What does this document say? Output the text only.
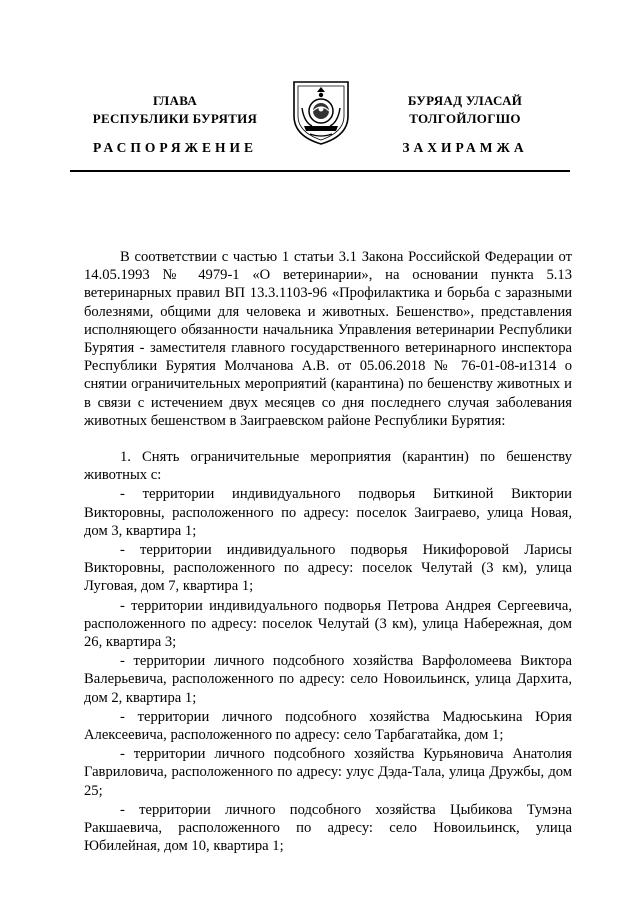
ГЛАВА
РЕСПУБЛИКИ БУРЯТИЯ
БУРЯАД УЛАСАЙ
ТОЛГОЙЛОГШО
РАСПОРЯЖЕНИЕ	ЗАХИРАМЖА

В соответствии с частью 1 статьи 3.1 Закона Российской Федерации от 14.05.1993 № 4979-1 «О ветеринарии», на основании пункта 5.13 ветеринарных правил ВП 13.3.1103-96 «Профилактика и борьба с заразными болезнями, общими для человека и животных. Бешенство», представления исполняющего обязанности начальника Управления ветеринарии Республики Бурятия - заместителя главного государственного ветеринарного инспектора Республики Бурятия Молчанова А.В. от 05.06.2018 № 76-01-08-и1314 о снятии ограничительных мероприятий (карантина) по бешенству животных и в связи с истечением двух месяцев со дня последнего случая заболевания животных бешенством в Заиграевском районе Республики Бурятия:

1. Снять ограничительные мероприятия (карантин) по бешенству животных с:

- территории индивидуального подворья Биткиной Виктории Викторовны, расположенного по адресу: поселок Заиграево, улица Новая, дом 3, квартира 1;

- территории индивидуального подворья Никифоровой Ларисы Викторовны, расположенного по адресу: поселок Челутай (3 км), улица Луговая, дом 7, квартира 1;

- территории индивидуального подворья Петрова Андрея Сергеевича, расположенного по адресу: поселок Челутай (3 км), улица Набережная, дом 26, квартира 3;

- территории личного подсобного хозяйства Варфоломеева Виктора Валерьевича, расположенного по адресу: село Новоильинск, улица Дархита, дом 2, квартира 1;

- территории личного подсобного хозяйства Мадюськина Юрия Алексеевича, расположенного по адресу: село Тарбагатайка, дом 1;

- территории личного подсобного хозяйства Курьяновича Анатолия Гавриловича, расположенного по адресу: улус Дэда-Тала, улица Дружбы, дом 25;

- территории личного подсобного хозяйства Цыбикова Тумэна Ракшаевича, расположенного по адресу: село Новоильинск, улица Юбилейная, дом 10, квартира 1;
